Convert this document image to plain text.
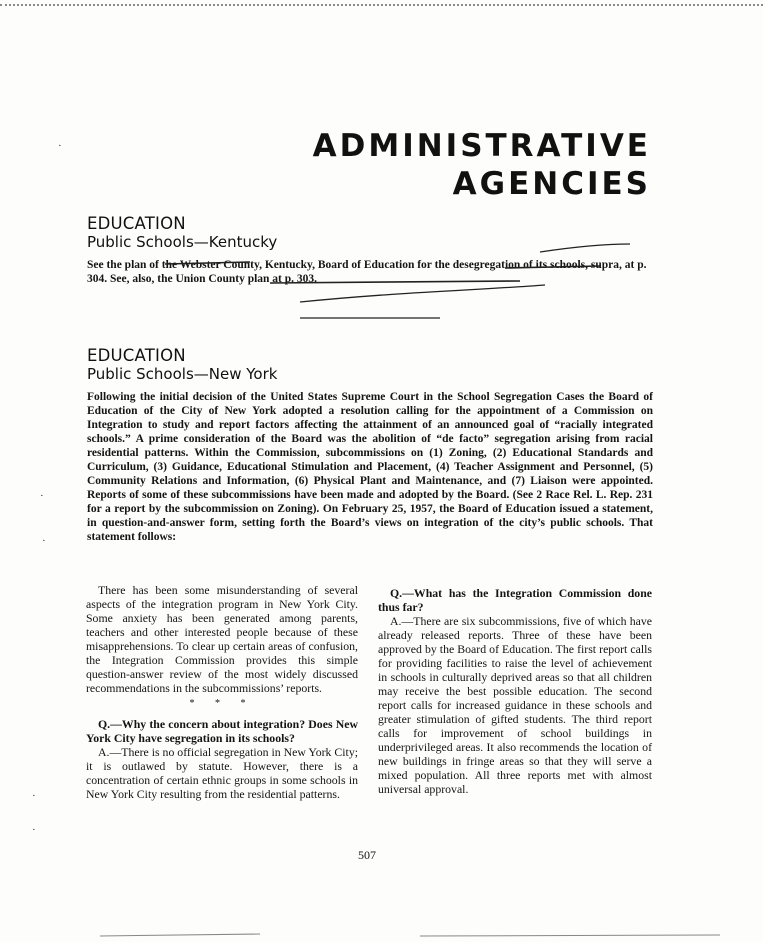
ADMINISTRATIVE
AGENCIES
EDUCATION
Public Schools—Kentucky
See the plan of the Webster County, Kentucky, Board of Education for the desegregation of its schools, supra, at p. 304. See, also, the Union County plan at p. 303.
EDUCATION
Public Schools—New York
Following the initial decision of the United States Supreme Court in the School Segregation Cases the Board of Education of the City of New York adopted a resolution calling for the appointment of a Commission on Integration to study and report factors affecting the attainment of an announced goal of “racially integrated schools.” A prime consideration of the Board was the abolition of “de facto” segregation arising from racial residential patterns. Within the Commission, subcommissions on (1) Zoning, (2) Educational Standards and Curriculum, (3) Guidance, Educational Stimulation and Placement, (4) Teacher Assignment and Personnel, (5) Community Relations and Information, (6) Physical Plant and Maintenance, and (7) Liaison were appointed. Reports of some of these subcommissions have been made and adopted by the Board. (See 2 Race Rel. L. Rep. 231 for a report by the subcommission on Zoning). On February 25, 1957, the Board of Education issued a statement, in question-and-answer form, setting forth the Board’s views on integration of the city’s public schools. That statement follows:

There has been some misunderstanding of several aspects of the integration program in New York City. Some anxiety has been generated among parents, teachers and other interested people because of these misapprehensions. To clear up certain areas of confusion, the Integration Commission provides this simple question-answer review of the most widely discussed recommendations in the subcommissions’ reports.

* * *

Q.—Why the concern about integration? Does New York City have segregation in its schools?

A.—There is no official segregation in New York City; it is outlawed by statute. However, there is a concentration of certain ethnic groups in some schools in New York City resulting from the residential patterns.

Q.—What has the Integration Commission done thus far?

A.—There are six subcommissions, five of which have already released reports. Three of these have been approved by the Board of Education. The first report calls for providing facilities to raise the level of achievement in schools in culturally deprived areas so that all children may receive the best possible education. The second report calls for increased guidance in these schools and greater stimulation of gifted students. The third report calls for improvement of school buildings in underprivileged areas. It also recommends the location of new buildings in fringe areas so that they will serve a mixed population. All three reports met with almost universal approval.

507
·
·
·
·
·
